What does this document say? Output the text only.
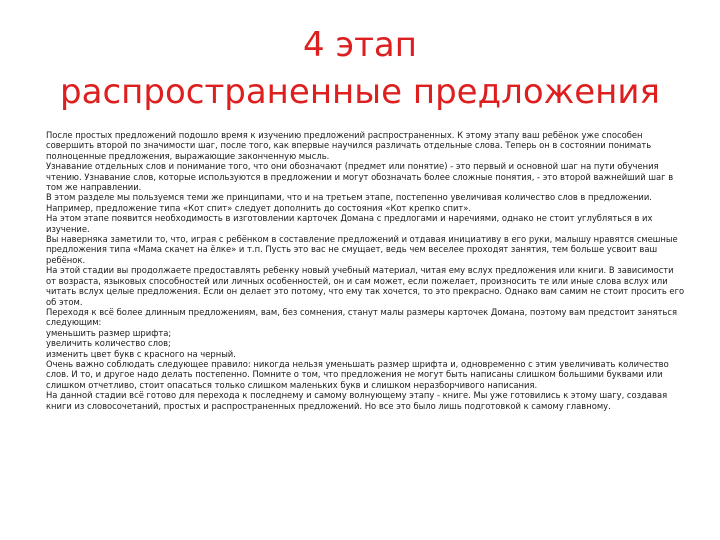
4 этап
распространенные предложения

После простых предложений подошло время к изучению предложений распространенных. К этому этапу ваш ребёнок уже способен совершить второй по значимости шаг, после того, как впервые научился различать отдельные слова. Теперь он в состоянии понимать полноценные предложения, выражающие законченную мысль.

Узнавание отдельных слов и понимание того, что они обозначают (предмет или понятие) - это первый и основной шаг на пути обучения чтению. Узнавание слов, которые используются в предложении и могут обозначать более сложные понятия, - это второй важнейший шаг в том же направлении.

В этом разделе мы пользуемся теми же принципами, что и на третьем этапе, постепенно увеличивая количество слов в предложении. Например, предложение типа «Кот спит» следует дополнить до состояния «Кот крепко спит».

На этом этапе появится необходимость в изготовлении карточек Домана с предлогами и наречиями, однако не стоит углубляться в их изучение.

Вы наверняка заметили то, что, играя с ребёнком в составление предложений и отдавая инициативу в его руки, малышу нравятся смешные предложения типа «Мама скачет на ёлке» и т.п. Пусть это вас не смущает, ведь чем веселее проходят занятия, тем больше усвоит ваш ребёнок.

На этой стадии вы продолжаете предоставлять ребенку новый учебный материал, читая ему вслух предложения или книги. В зависимости от возраста, языковых способностей или личных особенностей, он и сам может, если пожелает, произносить те или иные слова вслух или читать вслух целые предложения. Если он делает это потому, что ему так хочется, то это прекрасно. Однако вам самим не стоит просить его об этом.

Переходя к всё более длинным предложениям, вам, без сомнения, станут малы размеры карточек Домана, поэтому вам предстоит заняться следующим:

уменьшить размер шрифта;

увеличить количество слов;

изменить цвет букв с красного на черный.

Очень важно соблюдать следующее правило: никогда нельзя уменьшать размер шрифта и, одновременно с этим увеличивать количество слов. И то, и другое надо делать постепенно. Помните о том, что предложения не могут быть написаны слишком большими буквами или слишком отчетливо, стоит опасаться только слишком маленьких букв и слишком неразборчивого написания.

На данной стадии всё готово для перехода к последнему и самому волнующему этапу - книге. Мы уже готовились к этому шагу, создавая книги из словосочетаний, простых и распространенных предложений. Но все это было лишь подготовкой к самому главному.
